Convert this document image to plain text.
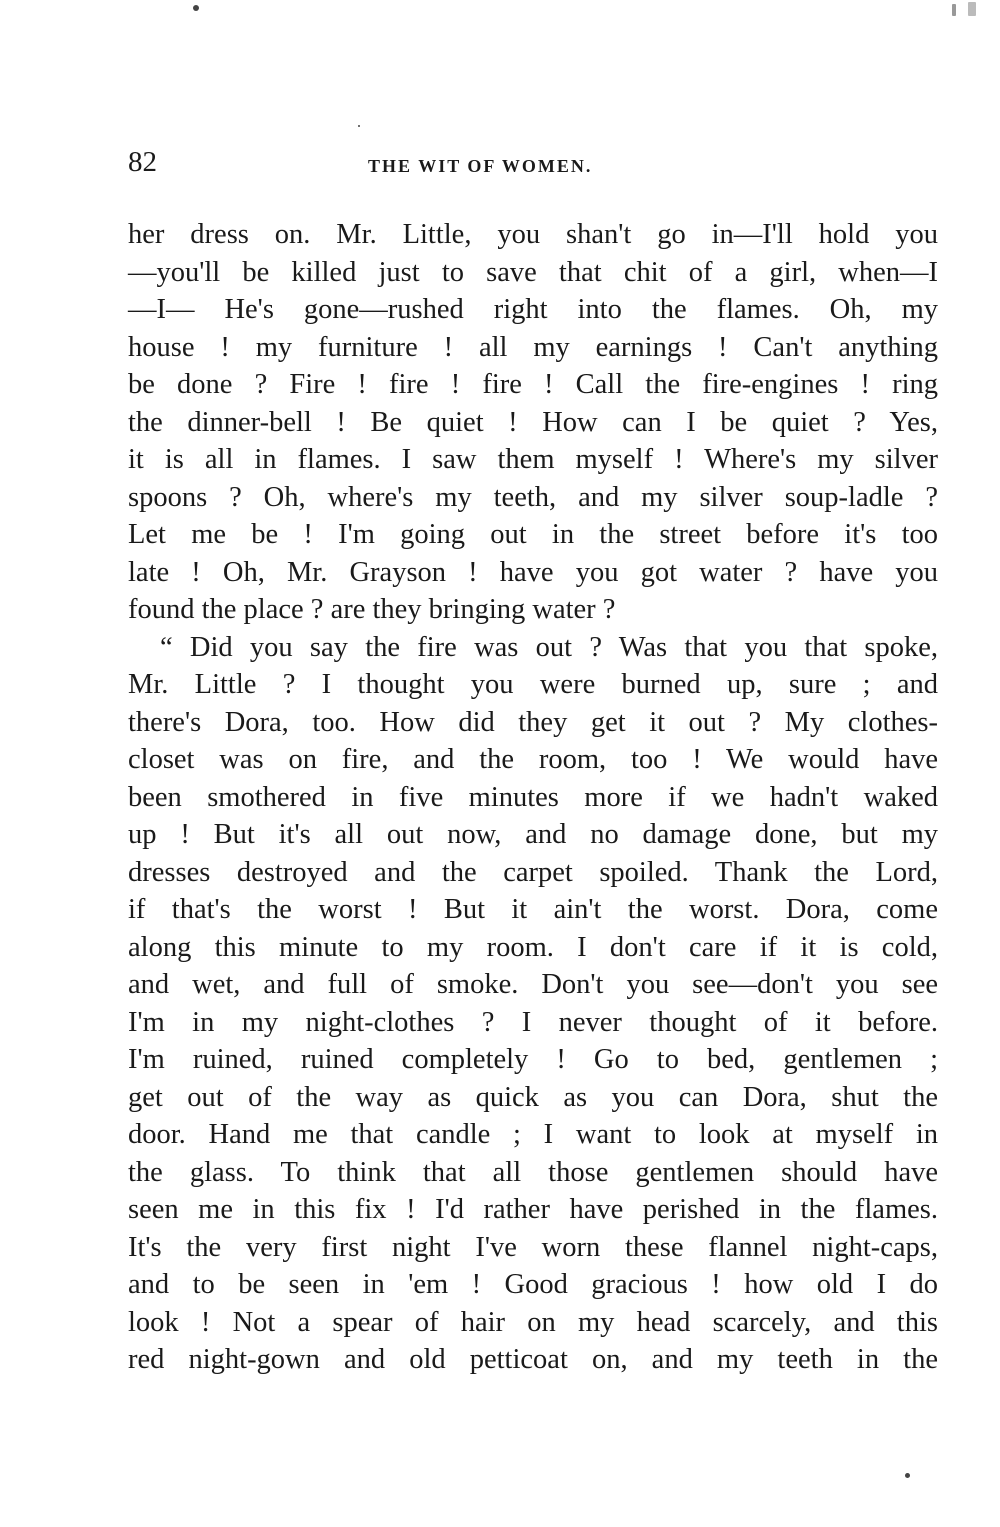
82	THE WIT OF WOMEN.
her dress on. Mr. Little, you shan't go in—I'll hold you
—you'll be killed just to save that chit of a girl, when—I
—I— He's gone—rushed right into the flames. Oh, my
house ! my furniture ! all my earnings ! Can't anything
be done ? Fire ! fire ! fire ! Call the fire-engines ! ring
the dinner-bell ! Be quiet ! How can I be quiet ? Yes,
it is all in flames. I saw them myself ! Where's my silver
spoons ? Oh, where's my teeth, and my silver soup-ladle ?
Let me be ! I'm going out in the street before it's too
late ! Oh, Mr. Grayson ! have you got water ? have you
found the place ? are they bringing water ?
“ Did you say the fire was out ? Was that you that spoke,
Mr. Little ? I thought you were burned up, sure ; and
there's Dora, too. How did they get it out ? My clothes-
closet was on fire, and the room, too ! We would have
been smothered in five minutes more if we hadn't waked
up ! But it's all out now, and no damage done, but my
dresses destroyed and the carpet spoiled. Thank the Lord,
if that's the worst ! But it ain't the worst. Dora, come
along this minute to my room. I don't care if it is cold,
and wet, and full of smoke. Don't you see—don't you see
I'm in my night-clothes ? I never thought of it before.
I'm ruined, ruined completely ! Go to bed, gentlemen ;
get out of the way as quick as you can Dora, shut the
door. Hand me that candle ; I want to look at myself in
the glass. To think that all those gentlemen should have
seen me in this fix ! I'd rather have perished in the flames.
It's the very first night I've worn these flannel night-caps,
and to be seen in 'em ! Good gracious ! how old I do
look ! Not a spear of hair on my head scarcely, and this
red night-gown and old petticoat on, and my teeth in the
